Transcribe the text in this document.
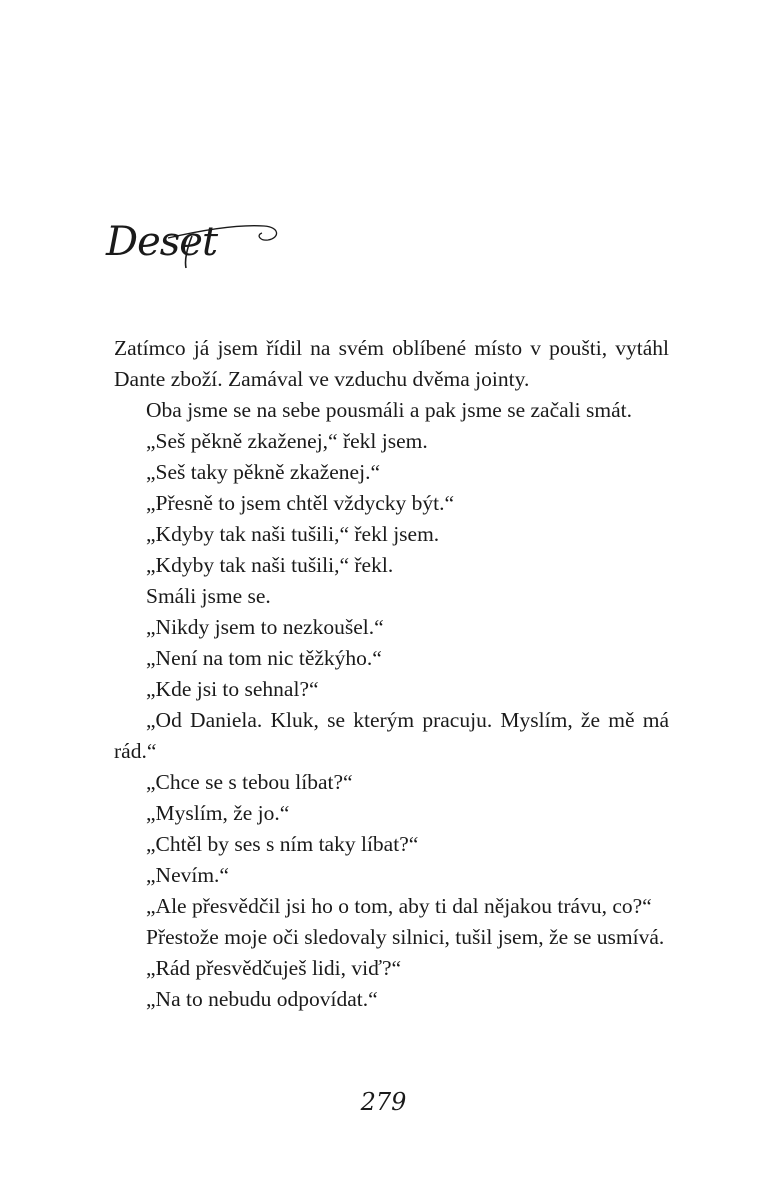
Deset

Zatímco já jsem řídil na svém oblíbené místo v poušti, vytáhl Dante zboží. Zamával ve vzduchu dvěma jointy.

Oba jsme se na sebe pousmáli a pak jsme se začali smát.

„Seš pěkně zkaženej,“ řekl jsem.

„Seš taky pěkně zkaženej.“

„Přesně to jsem chtěl vždycky být.“

„Kdyby tak naši tušili,“ řekl jsem.

„Kdyby tak naši tušili,“ řekl.

Smáli jsme se.

„Nikdy jsem to nezkoušel.“

„Není na tom nic těžkýho.“

„Kde jsi to sehnal?“

„Od Daniela. Kluk, se kterým pracuju. Myslím, že mě má rád.“

„Chce se s tebou líbat?“

„Myslím, že jo.“

„Chtěl by ses s ním taky líbat?“

„Nevím.“

„Ale přesvědčil jsi ho o tom, aby ti dal nějakou trávu, co?“

Přestože moje oči sledovaly silnici, tušil jsem, že se usmívá.

„Rád přesvědčuješ lidi, viď?“

„Na to nebudu odpovídat.“

279
